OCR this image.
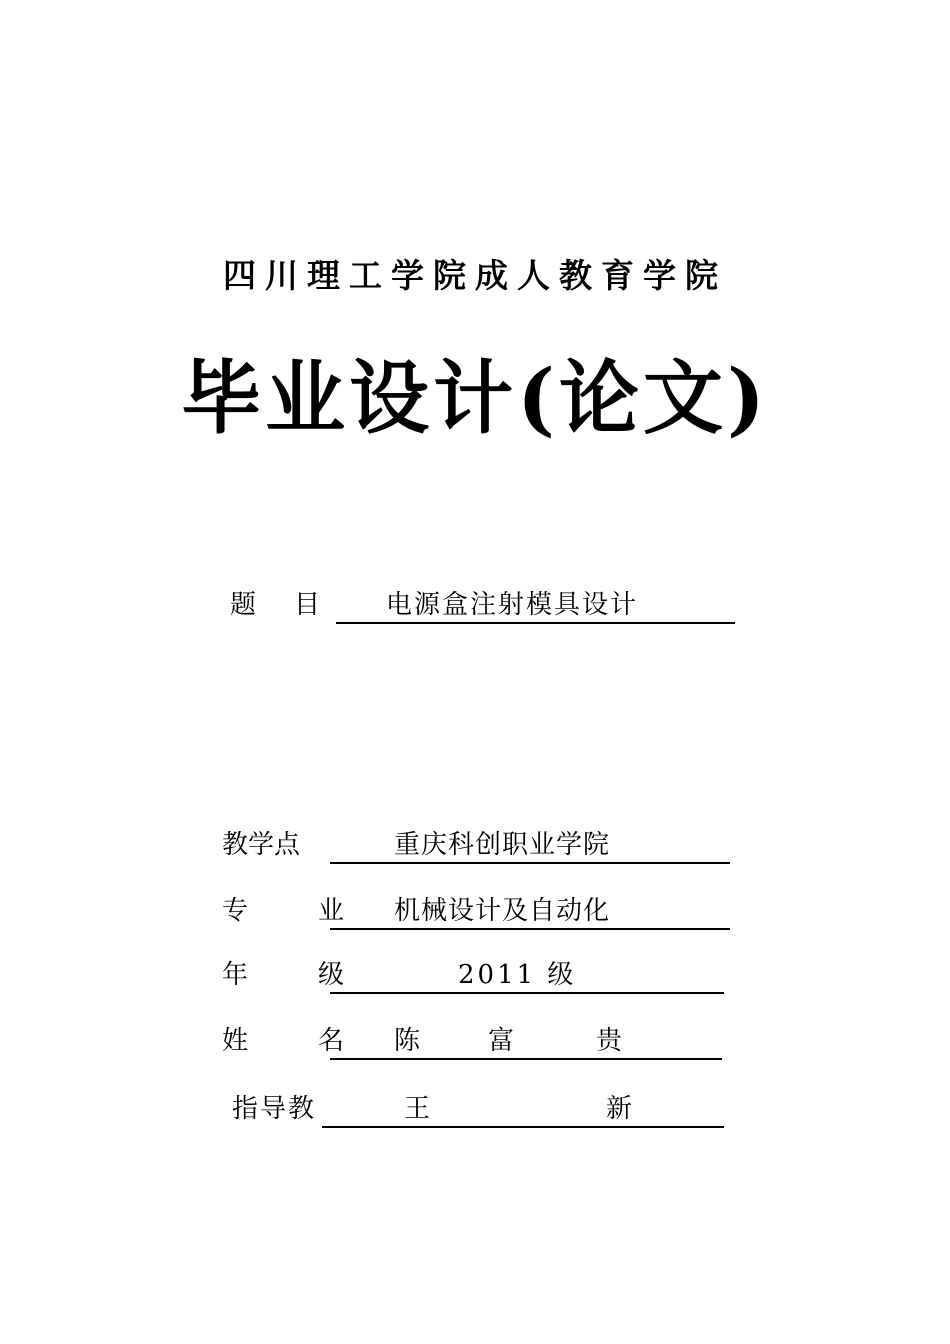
四川理工学院成人教育学院
毕业设计(论文)
题　目 电源盒注射模具设计
教学点	重庆科创职业学院
专　　业 机械设计及自动化
年　　级	2011 级
姓　　名 陈	富	贵
指导教	王	新
